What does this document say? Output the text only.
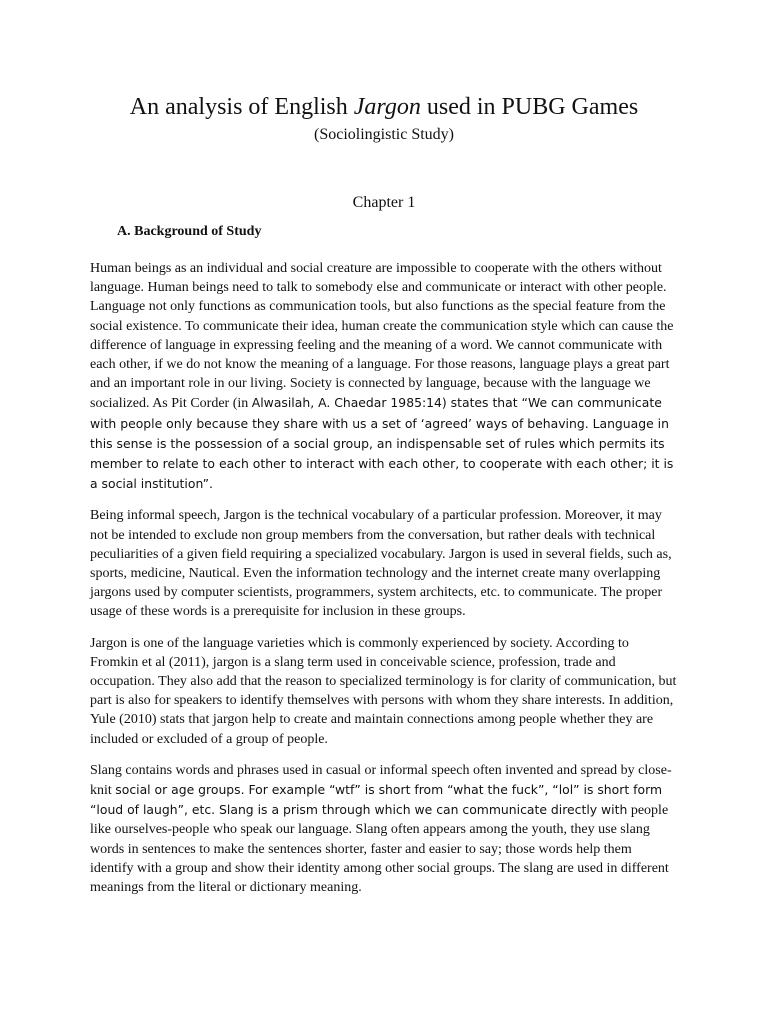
An analysis of English Jargon used in PUBG Games
(Sociolingistic Study)
Chapter 1
A. Background of Study

Human beings as an individual and social creature are impossible to cooperate with the others without language. Human beings need to talk to somebody else and communicate or interact with other people. Language not only functions as communication tools, but also functions as the special feature from the social existence. To communicate their idea, human create the communication style which can cause the difference of language in expressing feeling and the meaning of a word. We cannot communicate with each other, if we do not know the meaning of a language. For those reasons, language plays a great part and an important role in our living. Society is connected by language, because with the language we socialized. As Pit Corder (in Alwasilah, A. Chaedar 1985:14) states that “We can communicate with people only because they share with us a set of ‘agreed’ ways of behaving. Language in this sense is the possession of a social group, an indispensable set of rules which permits its member to relate to each other to interact with each other, to cooperate with each other; it is a social institution”.

Being informal speech, Jargon is the technical vocabulary of a particular profession. Moreover, it may not be intended to exclude non group members from the conversation, but rather deals with technical peculiarities of a given field requiring a specialized vocabulary. Jargon is used in several fields, such as, sports, medicine, Nautical. Even the information technology and the internet create many overlapping jargons used by computer scientists, programmers, system architects, etc. to communicate. The proper usage of these words is a prerequisite for inclusion in these groups.

Jargon is one of the language varieties which is commonly experienced by society. According to Fromkin et al (2011), jargon is a slang term used in conceivable science, profession, trade and occupation. They also add that the reason to specialized terminology is for clarity of communication, but part is also for speakers to identify themselves with persons with whom they share interests. In addition, Yule (2010) stats that jargon help to create and maintain connections among people whether they are included or excluded of a group of people.

Slang contains words and phrases used in casual or informal speech often invented and spread by close-knit social or age groups. For example “wtf” is short from “what the fuck”, “lol” is short form “loud of laugh”, etc. Slang is a prism through which we can communicate directly with people like ourselves-people who speak our language. Slang often appears among the youth, they use slang words in sentences to make the sentences shorter, faster and easier to say; those words help them identify with a group and show their identity among other social groups. The slang are used in different meanings from the literal or dictionary meaning.
